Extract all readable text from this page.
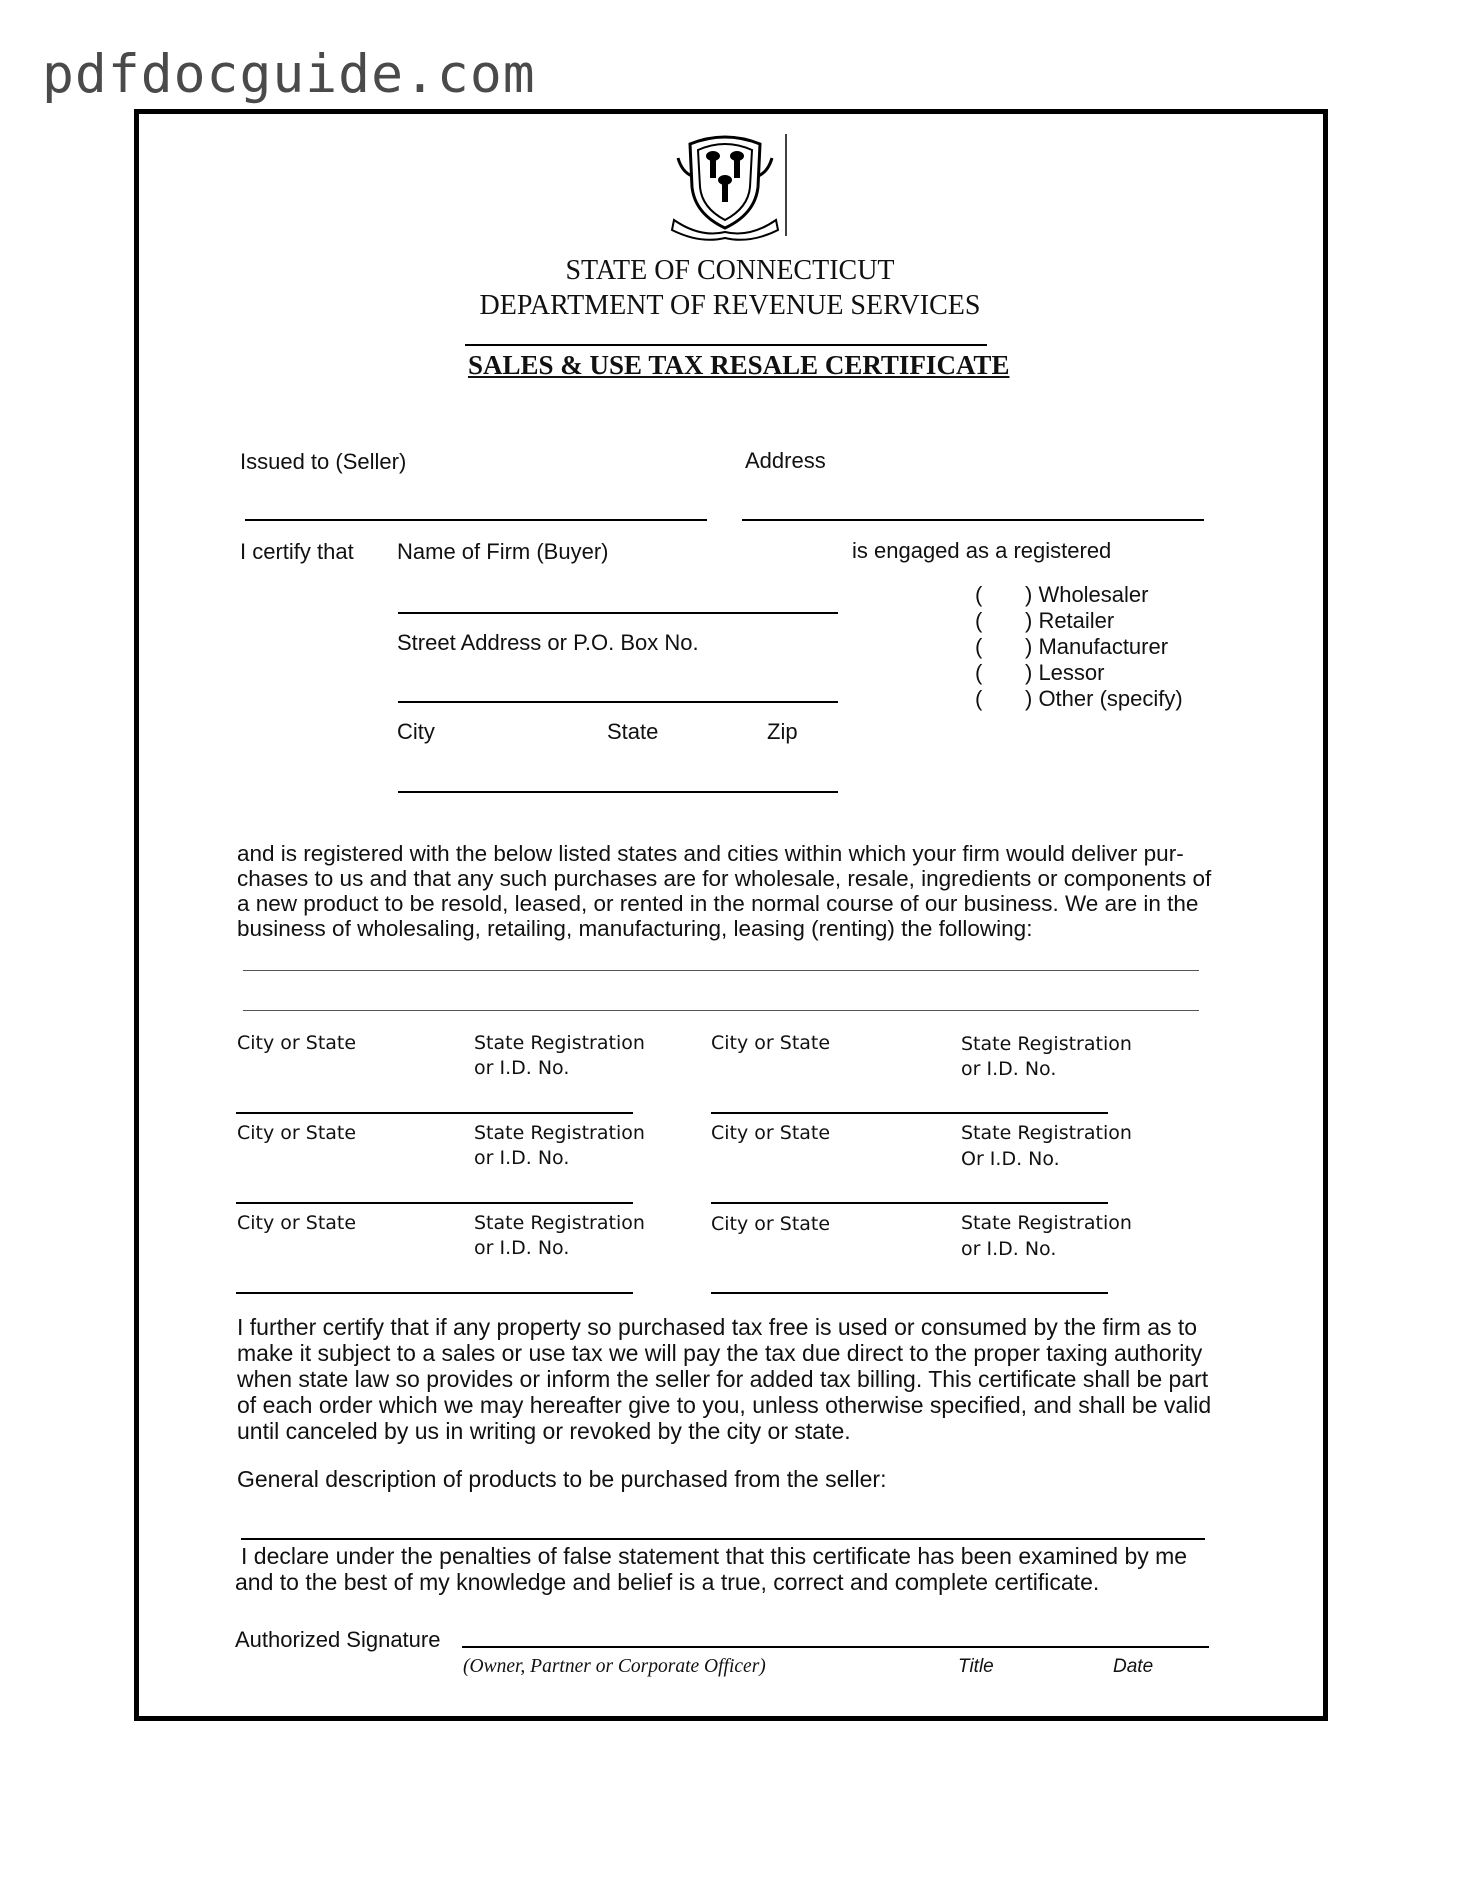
pdfdocguide.com
STATE OF CONNECTICUT
DEPARTMENT OF REVENUE SERVICES
SALES & USE TAX RESALE CERTIFICATE
Issued to (Seller)	Address
I certify that Name of Firm (Buyer)	is engaged as a registered
Street Address or P.O. Box No.
City	State	Zip
( ) Wholesaler
( ) Retailer
( ) Manufacturer
( ) Lessor
( ) Other (specify)
and is registered with the below listed states and cities within which your firm would deliver pur-chases to us and that any such purchases are for wholesale, resale, ingredients or components of a new product to be resold, leased, or rented in the normal course of our business. We are in the business of wholesaling, retailing, manufacturing, leasing (renting) the following:
City or State	State Registration
or I.D. No.
City or State	State Registration
or I.D. No.
City or State	State Registration
or I.D. No.
City or State	State Registration
Or I.D. No.
City or State	State Registration
or I.D. No.
City or State	State Registration
or I.D. No.
I further certify that if any property so purchased tax free is used or consumed by the firm as to make it subject to a sales or use tax we will pay the tax due direct to the proper taxing authority when state law so provides or inform the seller for added tax billing. This certificate shall be part of each order which we may hereafter give to you, unless otherwise specified, and shall be valid until canceled by us in writing or revoked by the city or state.
General description of products to be purchased from the seller:
I declare under the penalties of false statement that this certificate has been examined by me and to the best of my knowledge and belief is a true, correct and complete certificate.
Authorized Signature
(Owner, Partner or Corporate Officer)	Title	Date
